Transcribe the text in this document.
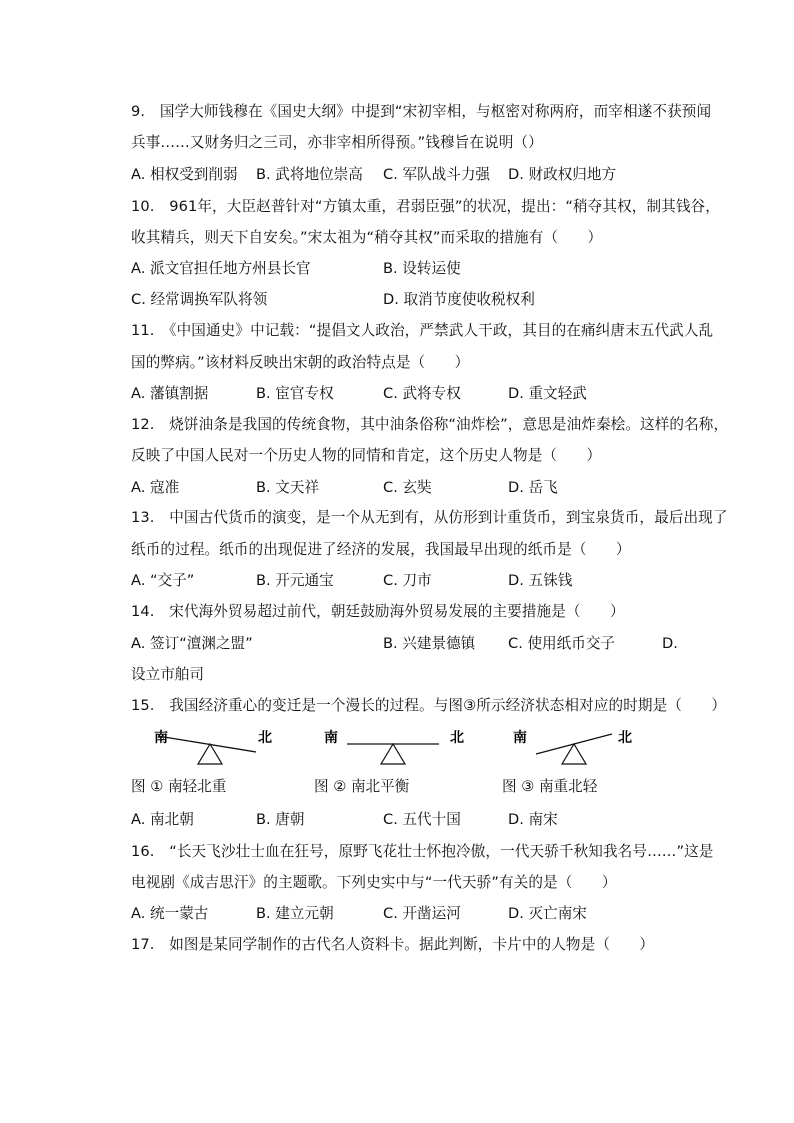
9.　国学大师钱穆在《国史大纲》中提到“宋初宰相，与枢密对称两府，而宰相遂不获预闻
兵事……又财务归之三司，亦非宰相所得预。”钱穆旨在说明（）
A. 相权受到削弱 B. 武将地位崇高 C. 军队战斗力强 D. 财政权归地方
10.　961年，大臣赵普针对“方镇太重，君弱臣强”的状况，提出：“稍夺其权，制其钱谷，
收其精兵，则天下自安矣。”宋太祖为“稍夺其权”而采取的措施有（　　）
A. 派文官担任地方州县长官	B. 设转运使
C. 经常调换军队将领	D. 取消节度使收税权利
11.　《中国通史》中记载：“提倡文人政治，严禁武人干政，其目的在痛纠唐末五代武人乱
国的弊病。”该材料反映出宋朝的政治特点是（　　）
A. 藩镇割据	B. 宦官专权	C. 武将专权	D. 重文轻武
12.　烧饼油条是我国的传统食物，其中油条俗称“油炸桧”，意思是油炸秦桧。这样的名称，
反映了中国人民对一个历史人物的同情和肯定，这个历史人物是（　　）
A. 寇准	B. 文天祥	C. 玄奘	D. 岳飞
13.　中国古代货币的演变，是一个从无到有，从仿形到计重货币，到宝泉货币，最后出现了
纸币的过程。纸币的出现促进了经济的发展，我国最早出现的纸币是（　　）
A. “交子”	B. 开元通宝	C. 刀市	D. 五铢钱
14.　宋代海外贸易超过前代，朝廷鼓励海外贸易发展的主要措施是（　　）
A. 签订“澶渊之盟”	B. 兴建景德镇 C. 使用纸币交子	D.
设立市舶司
15.　我国经济重心的变迁是一个漫长的过程。与图③所示经济状态相对应的时期是（　　）
南	北	南	北	南	北
图 ① 南轻北重	图 ② 南北平衡	图 ③ 南重北轻
A. 南北朝	B. 唐朝	C. 五代十国	D. 南宋
16.　“长天飞沙壮士血在狂号，原野飞花壮士怀抱冷傲，一代天骄千秋知我名号……”这是
电视剧《成吉思汗》的主题歌。下列史实中与“一代天骄”有关的是（　　）
A. 统一蒙古	B. 建立元朝	C. 开凿运河	D. 灭亡南宋
17.　如图是某同学制作的古代名人资料卡。据此判断，卡片中的人物是（　　）
